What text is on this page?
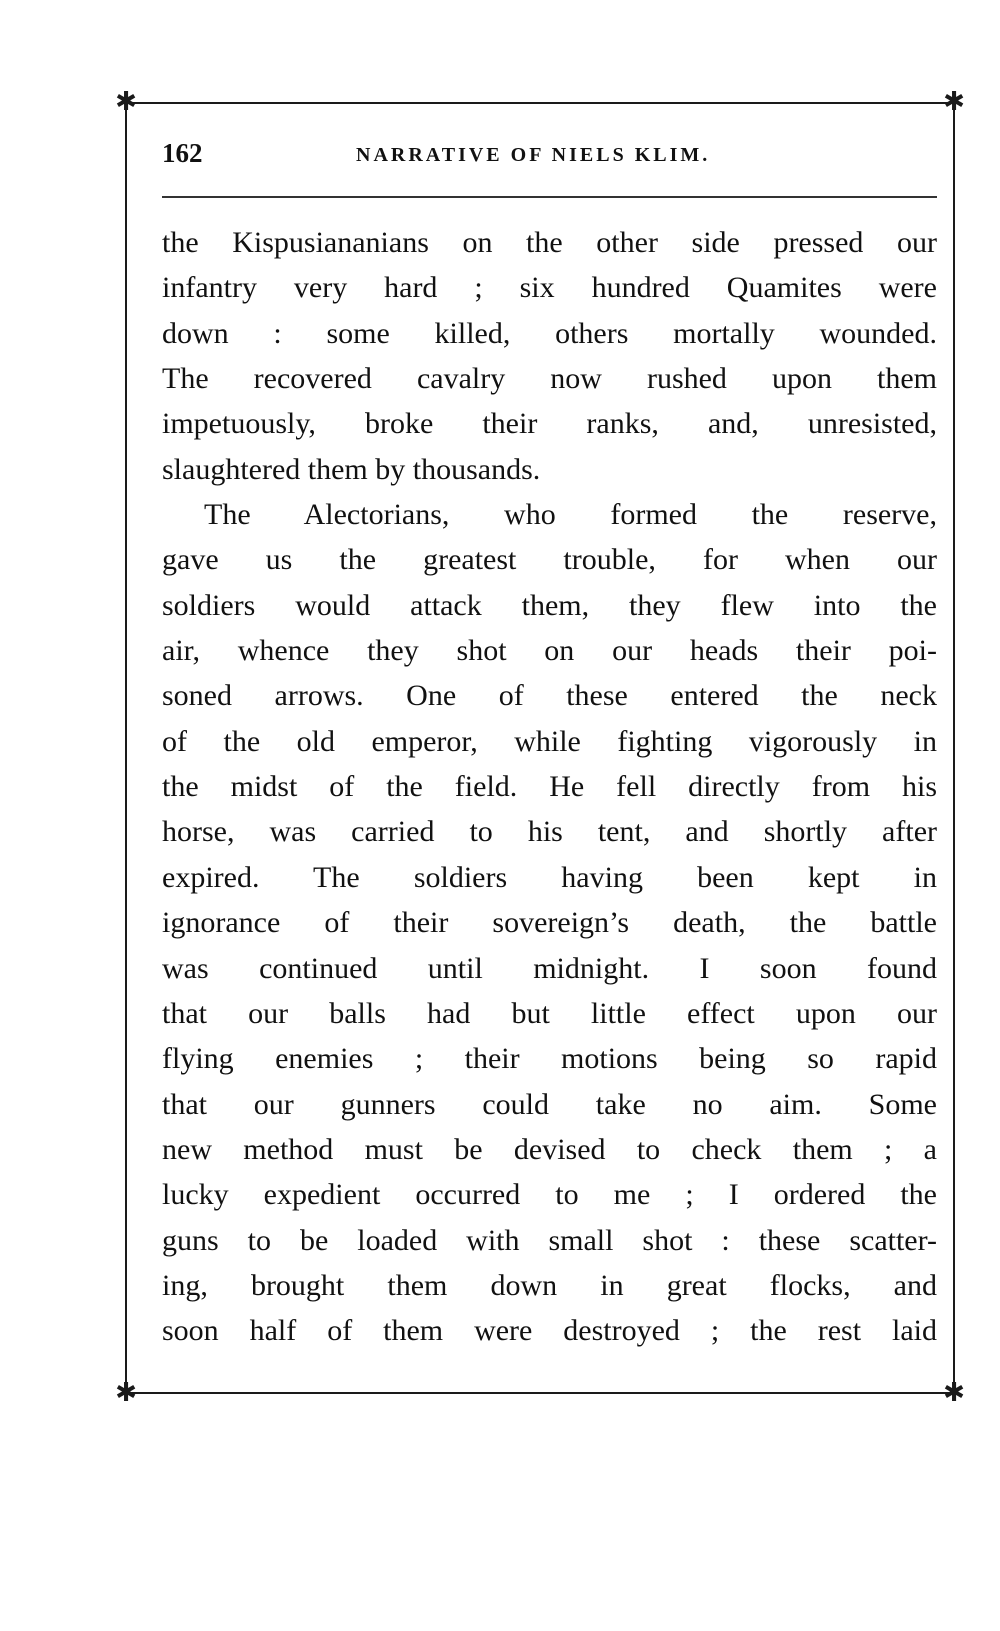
✱	✱
✱	✱
162	NARRATIVE OF NIELS KLIM.
the Kispusiananians on the other side pressed our
infantry very hard ; six hundred Quamites were
down : some killed, others mortally wounded.
The recovered cavalry now rushed upon them
impetuously, broke their ranks, and, unresisted,
slaughtered them by thousands.
The Alectorians, who formed the reserve,
gave us the greatest trouble, for when our
soldiers would attack them, they flew into the
air, whence they shot on our heads their poi-
soned arrows. One of these entered the neck
of the old emperor, while fighting vigorously in
the midst of the field. He fell directly from his
horse, was carried to his tent, and shortly after
expired. The soldiers having been kept in
ignorance of their sovereign’s death, the battle
was continued until midnight. I soon found
that our balls had but little effect upon our
flying enemies ; their motions being so rapid
that our gunners could take no aim. Some
new method must be devised to check them ; a
lucky expedient occurred to me ; I ordered the
guns to be loaded with small shot : these scatter-
ing, brought them down in great flocks, and
soon half of them were destroyed ; the rest laid
